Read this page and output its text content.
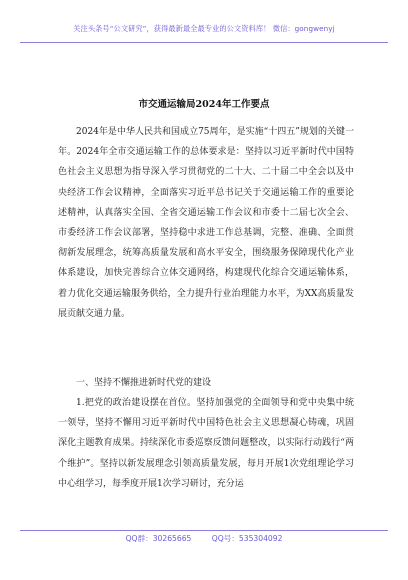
关注头条号“公文研究”，获得最新最全最专业的公文资料库！ 微信：gongwenyj
市交通运输局2024年工作要点

2024年是中华人民共和国成立75周年，是实施“十四五”规划的关键一年。2024年全市交通运输工作的总体要求是：坚持以习近平新时代中国特色社会主义思想为指导深入学习贯彻党的二十大、二十届二中全会以及中央经济工作会议精神，全面落实习近平总书记关于交通运输工作的重要论述精神，认真落实全国、全省交通运输工作会议和市委十二届七次全会、市委经济工作会议部署，坚持稳中求进工作总基调，完整、准确、全面贯彻新发展理念，统筹高质量发展和高水平安全，围绕服务保障现代化产业体系建设，加快完善综合立体交通网络，构建现代化综合交通运输体系，着力优化交通运输服务供给，全力提升行业治理能力水平，为XX高质量发展贡献交通力量。

一、坚持不懈推进新时代党的建设

1.把党的政治建设摆在首位。坚持加强党的全面领导和党中央集中统一领导，坚持不懈用习近平新时代中国特色社会主义思想凝心铸魂，巩固深化主题教育成果。持续深化市委巡察反馈问题整改，以实际行动践行“两个维护”。坚持以新发展理念引领高质量发展，每月开展1次党组理论学习中心组学习，每季度开展1次学习研讨，充分运

QQ群：30265665 QQ号：535304092
